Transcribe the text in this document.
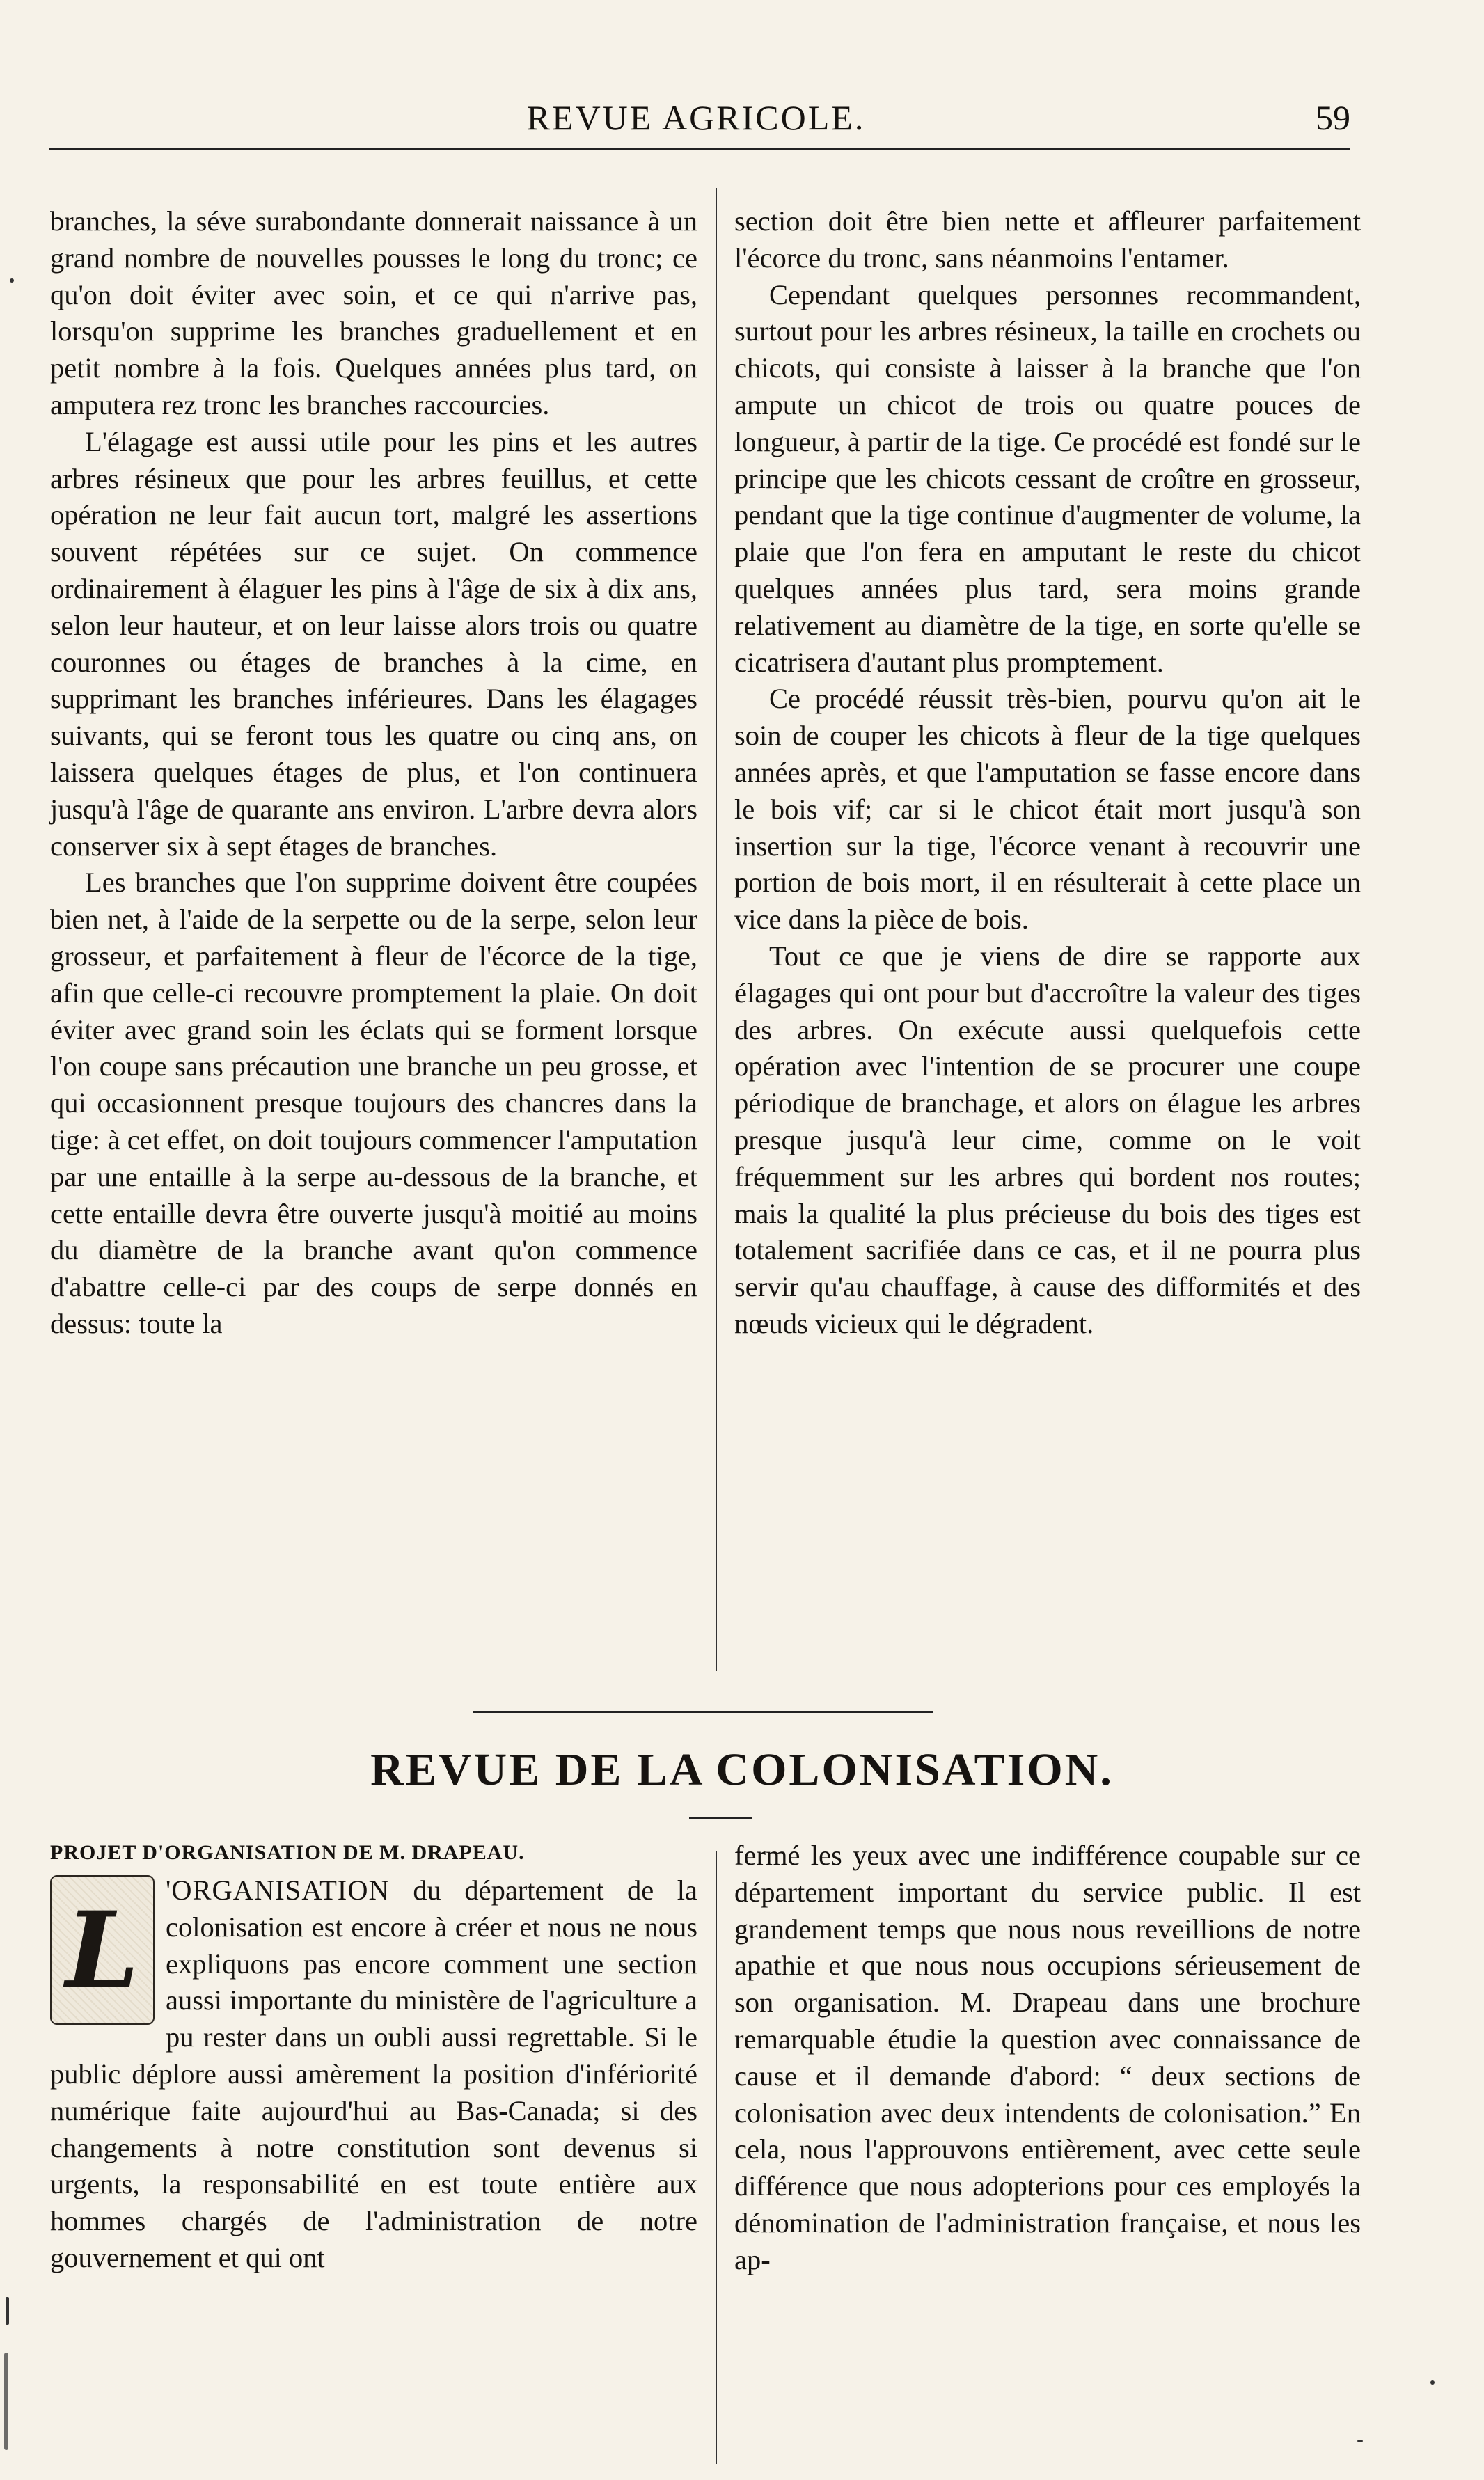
REVUE AGRICOLE.	59

branches, la séve surabondante donnerait naissance à un grand nombre de nouvelles pousses le long du tronc; ce qu'on doit éviter avec soin, et ce qui n'arrive pas, lorsqu'on supprime les branches graduellement et en petit nombre à la fois. Quelques années plus tard, on amputera rez tronc les branches raccourcies.

L'élagage est aussi utile pour les pins et les autres arbres résineux que pour les arbres feuillus, et cette opération ne leur fait aucun tort, malgré les assertions souvent répétées sur ce sujet. On commence ordinairement à élaguer les pins à l'âge de six à dix ans, selon leur hauteur, et on leur laisse alors trois ou quatre couronnes ou étages de branches à la cime, en supprimant les branches inférieures. Dans les élagages suivants, qui se feront tous les quatre ou cinq ans, on laissera quelques étages de plus, et l'on continuera jusqu'à l'âge de quarante ans environ. L'arbre devra alors conserver six à sept étages de branches.

Les branches que l'on supprime doivent être coupées bien net, à l'aide de la serpette ou de la serpe, selon leur grosseur, et parfaitement à fleur de l'écorce de la tige, afin que celle-ci recouvre promptement la plaie. On doit éviter avec grand soin les éclats qui se forment lorsque l'on coupe sans précaution une branche un peu grosse, et qui occasionnent presque toujours des chancres dans la tige: à cet effet, on doit toujours commencer l'amputation par une entaille à la serpe au-dessous de la branche, et cette entaille devra être ouverte jusqu'à moitié au moins du diamètre de la branche avant qu'on commence d'abattre celle-ci par des coups de serpe donnés en dessus: toute la

section doit être bien nette et affleurer parfaitement l'écorce du tronc, sans néanmoins l'entamer.

Cependant quelques personnes recommandent, surtout pour les arbres résineux, la taille en crochets ou chicots, qui consiste à laisser à la branche que l'on ampute un chicot de trois ou quatre pouces de longueur, à partir de la tige. Ce procédé est fondé sur le principe que les chicots cessant de croître en grosseur, pendant que la tige continue d'augmenter de volume, la plaie que l'on fera en amputant le reste du chicot quelques années plus tard, sera moins grande relativement au diamètre de la tige, en sorte qu'elle se cicatrisera d'autant plus promptement.

Ce procédé réussit très-bien, pourvu qu'on ait le soin de couper les chicots à fleur de la tige quelques années après, et que l'amputation se fasse encore dans le bois vif; car si le chicot était mort jusqu'à son insertion sur la tige, l'écorce venant à recouvrir une portion de bois mort, il en résulterait à cette place un vice dans la pièce de bois.

Tout ce que je viens de dire se rapporte aux élagages qui ont pour but d'accroître la valeur des tiges des arbres. On exécute aussi quelquefois cette opération avec l'intention de se procurer une coupe périodique de branchage, et alors on élague les arbres presque jusqu'à leur cime, comme on le voit fréquemment sur les arbres qui bordent nos routes; mais la qualité la plus précieuse du bois des tiges est totalement sacrifiée dans ce cas, et il ne pourra plus servir qu'au chauffage, à cause des difformités et des nœuds vicieux qui le dégradent.

REVUE DE LA COLONISATION.
PROJET D'ORGANISATION DE M. DRAPEAU.

L 'ORGANISATION du département de la colonisation est encore à créer et nous ne nous expliquons pas encore comment une section aussi importante du ministère de l'agriculture a pu rester dans un oubli aussi regrettable. Si le public déplore aussi amèrement la position d'infériorité numérique faite aujourd'hui au Bas-Canada; si des changements à notre constitution sont devenus si urgents, la responsabilité en est toute entière aux hommes chargés de l'administration de notre gouvernement et qui ont

fermé les yeux avec une indifférence coupable sur ce département important du service public. Il est grandement temps que nous nous reveillions de notre apathie et que nous nous occupions sérieusement de son organisation. M. Drapeau dans une brochure remarquable étudie la question avec connaissance de cause et il demande d'abord: “ deux sections de colonisation avec deux intendents de colonisation.” En cela, nous l'approuvons entièrement, avec cette seule différence que nous adopterions pour ces employés la dénomination de l'administration française, et nous les ap-
